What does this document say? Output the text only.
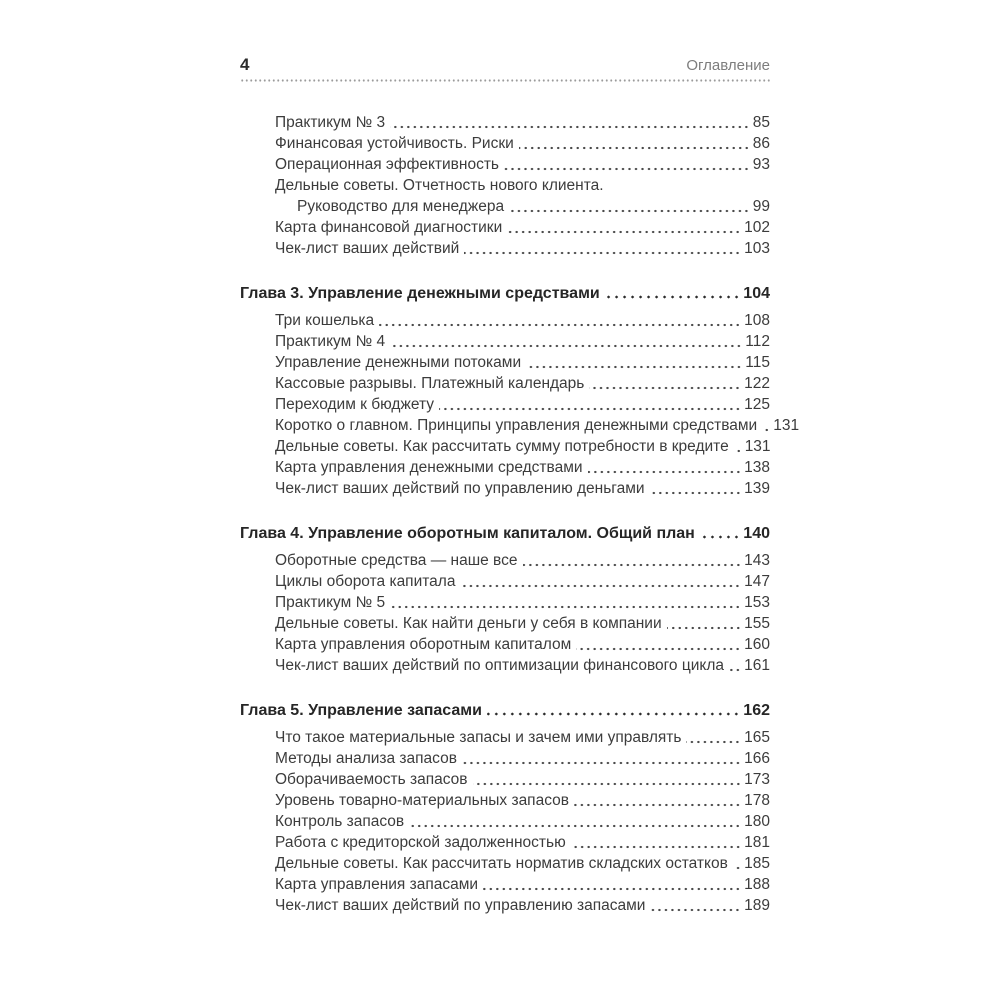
4	Оглавление
Практикум № 3	85
Финансовая устойчивость. Риски	86
Операционная эффективность	93
Дельные советы. Отчетность нового клиента.
Руководство для менеджера	99
Карта финансовой диагностики	102
Чек-лист ваших действий	103
Глава 3. Управление денежными средствами	104
Три кошелька	108
Практикум № 4	112
Управление денежными потоками	115
Кассовые разрывы. Платежный календарь	122
Переходим к бюджету	125
Коротко о главном. Принципы управления денежными средствами 131
Дельные советы. Как рассчитать сумму потребности в кредите 131
Карта управления денежными средствами	138
Чек-лист ваших действий по управлению деньгами	139
Глава 4. Управление оборотным капиталом. Общий план	140
Оборотные средства — наше все	143
Циклы оборота капитала	147
Практикум № 5	153
Дельные советы. Как найти деньги у себя в компании	155
Карта управления оборотным капиталом	160
Чек-лист ваших действий по оптимизации финансового цикла 161
Глава 5. Управление запасами	162
Что такое материальные запасы и зачем ими управлять	165
Методы анализа запасов	166
Оборачиваемость запасов	173
Уровень товарно-материальных запасов	178
Контроль запасов	180
Работа с кредиторской задолженностью	181
Дельные советы. Как рассчитать норматив складских остатков 185
Карта управления запасами	188
Чек-лист ваших действий по управлению запасами	189
